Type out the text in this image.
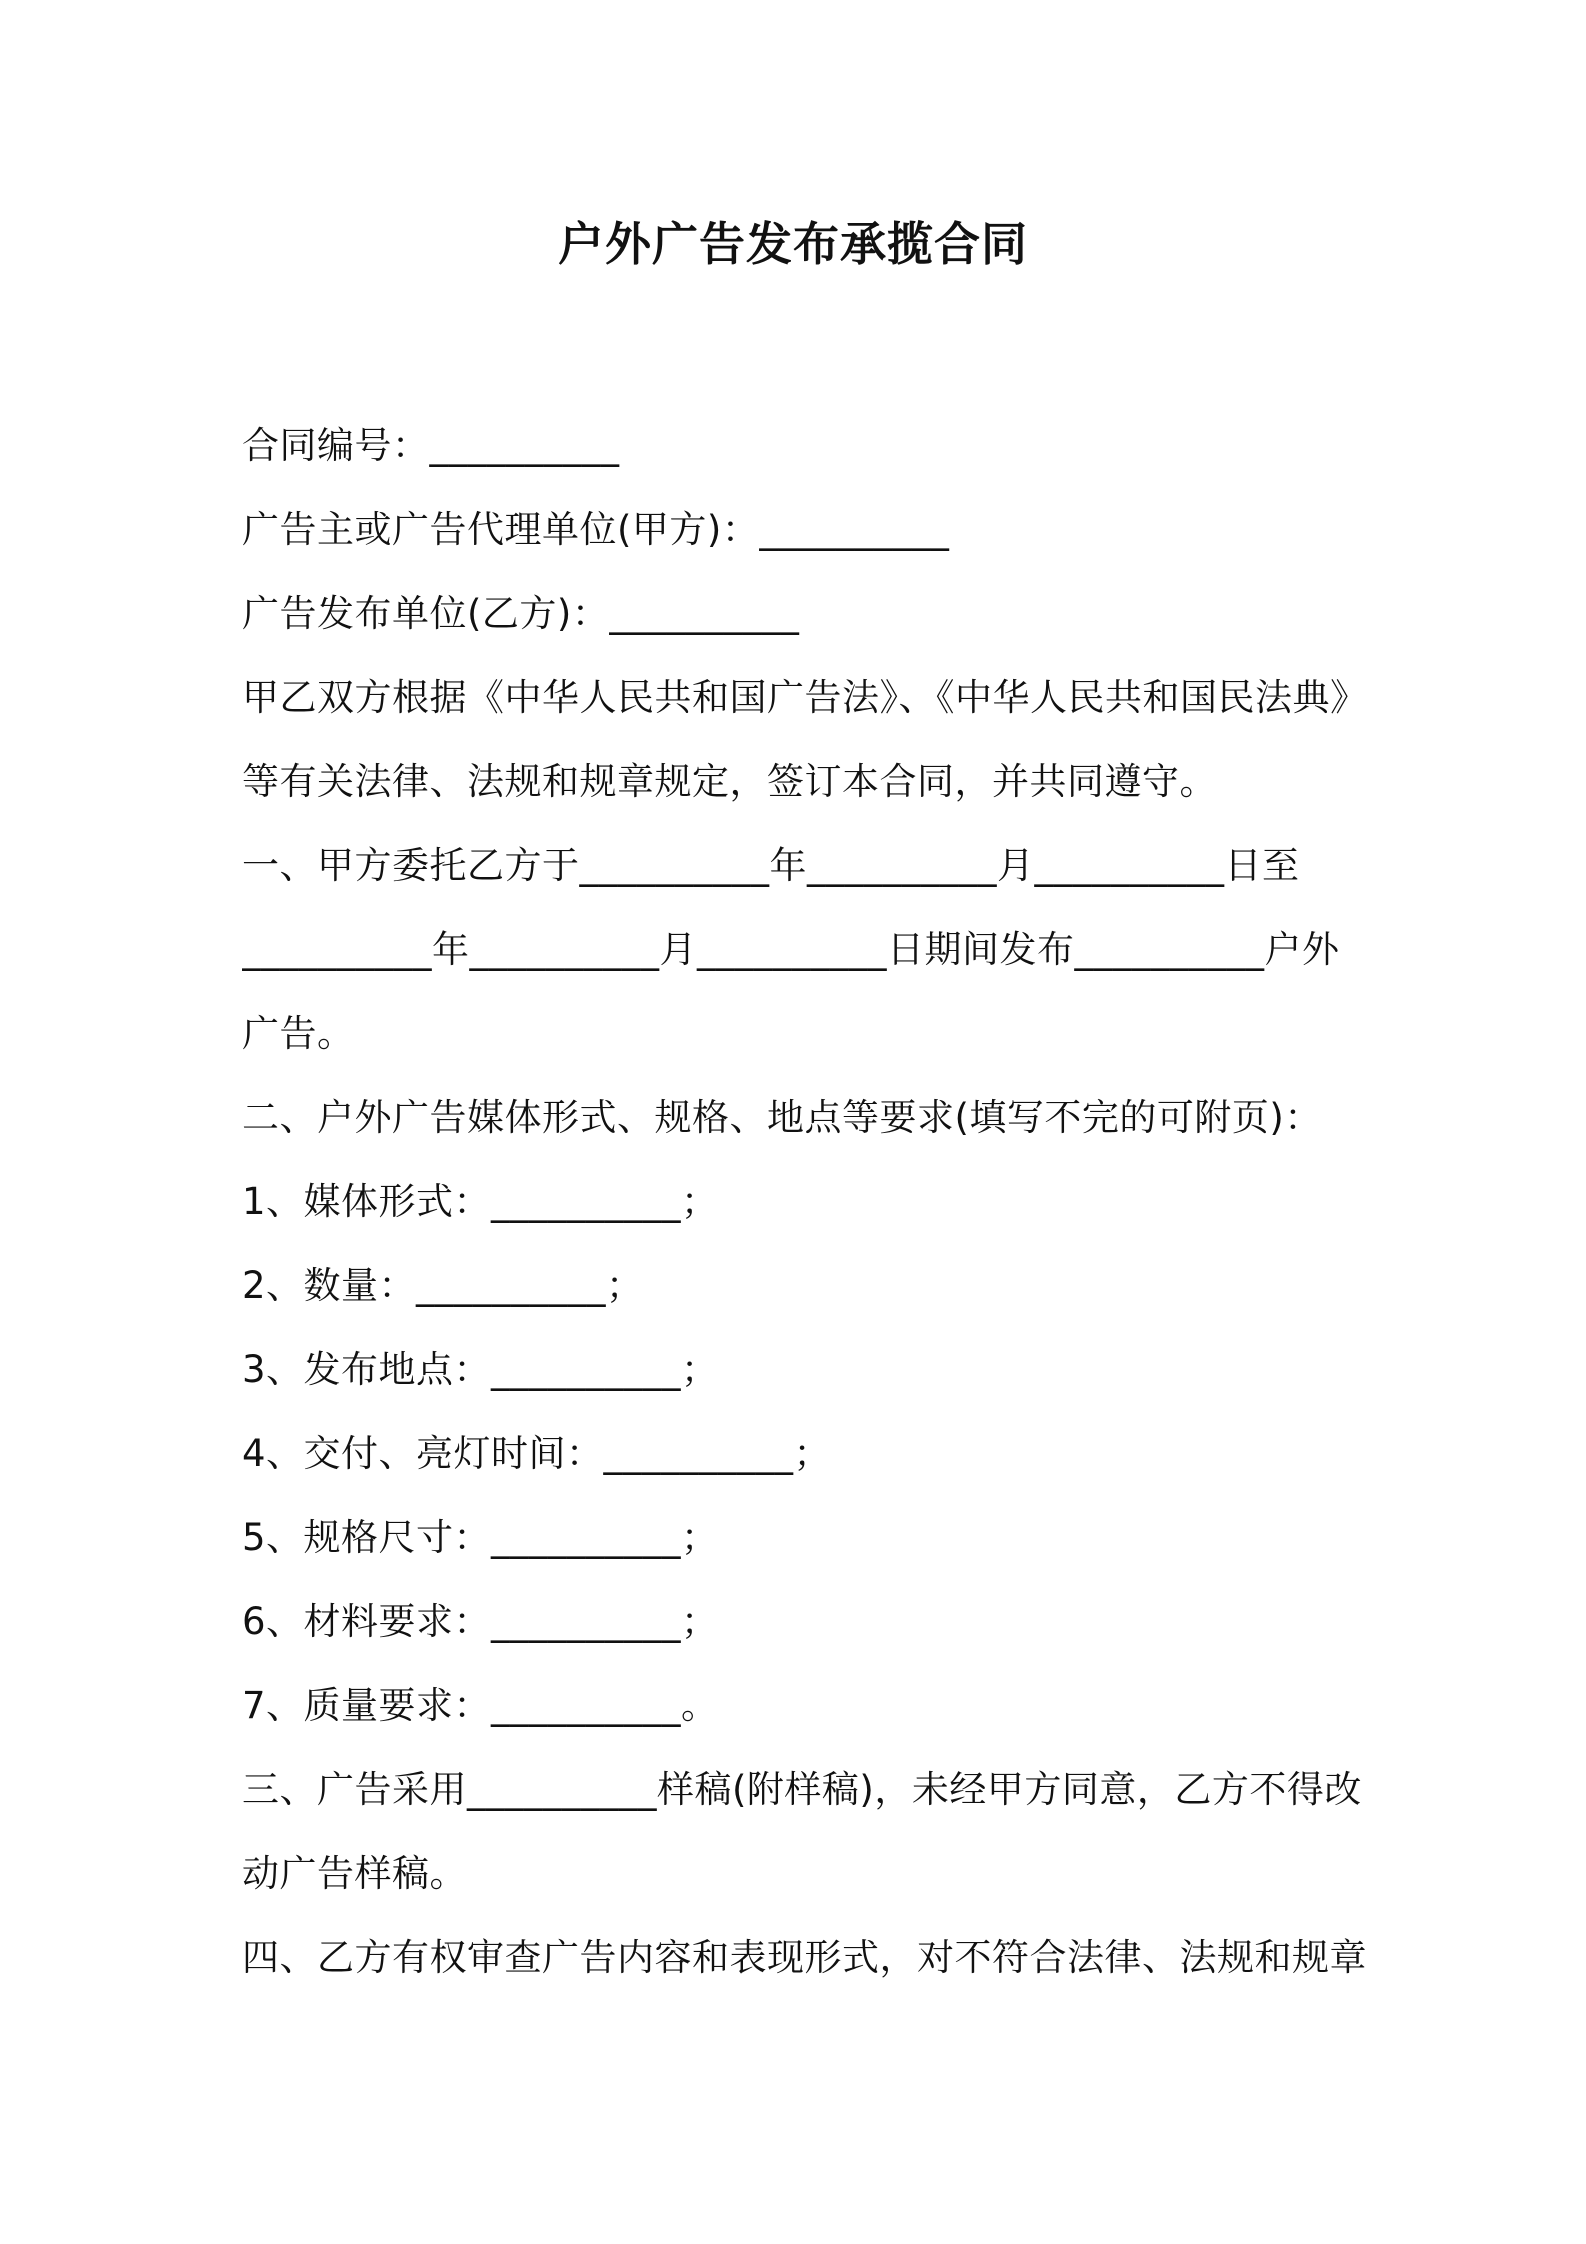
户外广告发布承揽合同

合同编号：__________

广告主或广告代理单位(甲方)：__________

广告发布单位(乙方)：__________

甲乙双方根据《中华人民共和国广告法》、《中华人民共和国民法典》

等有关法律、法规和规章规定，签订本合同，并共同遵守。

一、甲方委托乙方于__________年__________月__________日至

__________年__________月__________日期间发布__________户外

广告。

二、户外广告媒体形式、规格、地点等要求(填写不完的可附页)：

1、媒体形式：__________；

2、数量：__________；

3、发布地点：__________；

4、交付、亮灯时间：__________；

5、规格尺寸：__________；

6、材料要求：__________；

7、质量要求：__________。

三、广告采用__________样稿(附样稿)，未经甲方同意，乙方不得改

动广告样稿。

四、乙方有权审查广告内容和表现形式，对不符合法律、法规和规章
